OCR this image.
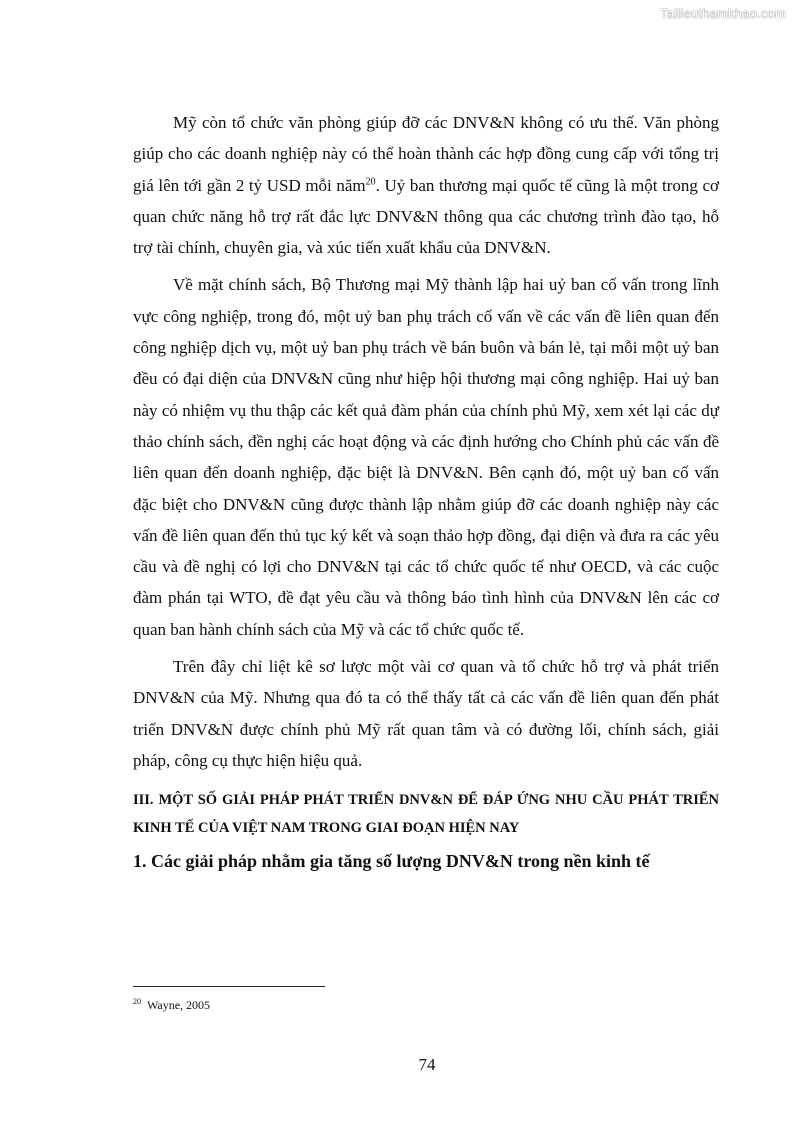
Tailieuthamkhao.com

Mỹ còn tổ chức văn phòng giúp đỡ các DNV&N không có ưu thế. Văn phòng giúp cho các doanh nghiệp này có thể hoàn thành các hợp đồng cung cấp với tổng trị giá lên tới gần 2 tỷ USD mỗi năm$^{20}$. Uỷ ban thương mại quốc tế cũng là một trong cơ quan chức năng hỗ trợ rất đắc lực DNV&N thông qua các chương trình đào tạo, hỗ trợ tài chính, chuyên gia, và xúc tiến xuất khẩu của DNV&N.

Về mặt chính sách, Bộ Thương mại Mỹ thành lập hai uỷ ban cố vấn trong lĩnh vực công nghiệp, trong đó, một uỷ ban phụ trách cố vấn về các vấn đề liên quan đến công nghiệp dịch vụ, một uỷ ban phụ trách về bán buôn và bán lẻ, tại mỗi một uỷ ban đều có đại diện của DNV&N cũng như hiệp hội thương mại công nghiệp. Hai uỷ ban này có nhiệm vụ thu thập các kết quả đàm phán của chính phủ Mỹ, xem xét lại các dự thảo chính sách, đền nghị các hoạt động và các định hướng cho Chính phủ các vấn đề liên quan đến doanh nghiệp, đặc biệt là DNV&N. Bên cạnh đó, một uỷ ban cố vấn đặc biệt cho DNV&N cũng được thành lập nhằm giúp đỡ các doanh nghiệp này các vấn đề liên quan đến thủ tục ký kết và soạn thảo hợp đồng, đại diện và đưa ra các yêu cầu và đề nghị có lợi cho DNV&N tại các tổ chức quốc tế như OECD, và các cuộc đàm phán tại WTO, đề đạt yêu cầu và thông báo tình hình của DNV&N lên các cơ quan ban hành chính sách của Mỹ và các tổ chức quốc tế.

Trên đây chỉ liệt kê sơ lược một vài cơ quan và tổ chức hỗ trợ và phát triển DNV&N của Mỹ. Nhưng qua đó ta có thể thấy tất cả các vấn đề liên quan đến phát triển DNV&N được chính phủ Mỹ rất quan tâm và có đường lối, chính sách, giải pháp, công cụ thực hiện hiệu quả.

III. MỘT SỐ GIẢI PHÁP PHÁT TRIỂN DNV&N ĐỂ ĐÁP ỨNG NHU CẦU PHÁT TRIỂN KINH TẾ CỦA VIỆT NAM TRONG GIAI ĐOẠN HIỆN NAY

1. Các giải pháp nhằm gia tăng số lượng DNV&N trong nền kinh tế

$^{20}$ Wayne, 2005
74
